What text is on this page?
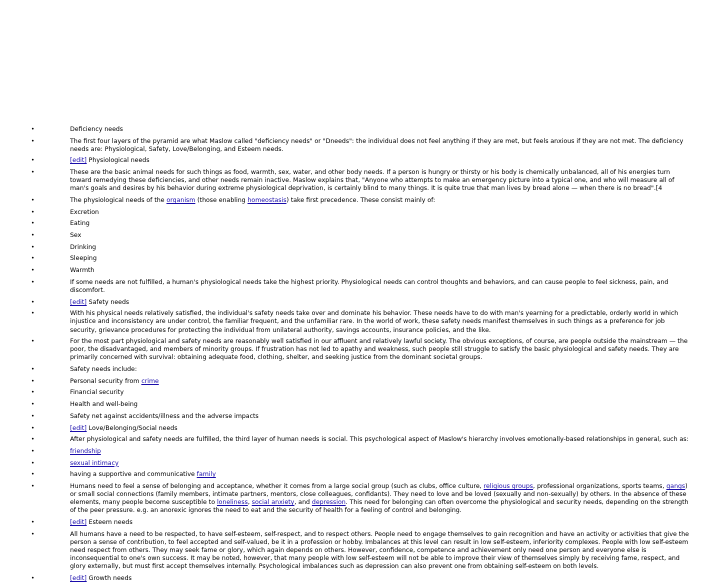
•	Deficiency needs
•	The first four layers of the pyramid are what Maslow called "deficiency needs" or "Dneeds": the individual does not feel anything if they are met, but feels anxious if they are not met. The deficiency needs are: Physiological, Safety, Love/Belonging, and Esteem needs.
•	[edit] Physiological needs
•	These are the basic animal needs for such things as food, warmth, sex, water, and other body needs. If a person is hungry or thirsty or his body is chemically unbalanced, all of his energies turn toward remedying these deficiencies, and other needs remain inactive. Maslow explains that, "Anyone who attempts to make an emergency picture into a typical one, and who will measure all of man's goals and desires by his behavior during extreme physiological deprivation, is certainly blind to many things. It is quite true that man lives by bread alone — when there is no bread".[4
•	The physiological needs of the organism (those enabling homeostasis) take first precedence. These consist mainly of:
•	Excretion
•	Eating
•	Sex
•	Drinking
•	Sleeping
•	Warmth
•	If some needs are not fulfilled, a human's physiological needs take the highest priority. Physiological needs can control thoughts and behaviors, and can cause people to feel sickness, pain, and discomfort.
•	[edit] Safety needs
•	With his physical needs relatively satisfied, the individual's safety needs take over and dominate his behavior. These needs have to do with man's yearning for a predictable, orderly world in which injustice and inconsistency are under control, the familiar frequent, and the unfamiliar rare. In the world of work, these safety needs manifest themselves in such things as a preference for job security, grievance procedures for protecting the individual from unilateral authority, savings accounts, insurance policies, and the like.
•	For the most part physiological and safety needs are reasonably well satisfied in our affluent and relatively lawful society. The obvious exceptions, of course, are people outside the mainstream — the poor, the disadvantaged, and members of minority groups. If frustration has not led to apathy and weakness, such people still struggle to satisfy the basic physiological and safety needs. They are primarily concerned with survival: obtaining adequate food, clothing, shelter, and seeking justice from the dominant societal groups.
•	Safety needs include:
•	Personal security from crime
•	Financial security
•	Health and well-being
•	Safety net against accidents/illness and the adverse impacts
•	[edit] Love/Belonging/Social needs
•	After physiological and safety needs are fulfilled, the third layer of human needs is social. This psychological aspect of Maslow's hierarchy involves emotionally-based relationships in general, such as:
•	friendship
•	sexual intimacy
•	having a supportive and communicative family
•	Humans need to feel a sense of belonging and acceptance, whether it comes from a large social group (such as clubs, office culture, religious groups, professional organizations, sports teams, gangs) or small social connections (family members, intimate partners, mentors, close colleagues, confidants). They need to love and be loved (sexually and non-sexually) by others. In the absence of these elements, many people become susceptible to loneliness, social anxiety, and depression. This need for belonging can often overcome the physiological and security needs, depending on the strength of the peer pressure. e.g. an anorexic ignores the need to eat and the security of health for a feeling of control and belonging.
•	[edit] Esteem needs
•	All humans have a need to be respected, to have self-esteem, self-respect, and to respect others. People need to engage themselves to gain recognition and have an activity or activities that give the person a sense of contribution, to feel accepted and self-valued, be it in a profession or hobby. Imbalances at this level can result in low self-esteem, inferiority complexes. People with low self-esteem need respect from others. They may seek fame or glory, which again depends on others. However, confidence, competence and achievement only need one person and everyone else is inconsequential to one's own success. It may be noted, however, that many people with low self-esteem will not be able to improve their view of themselves simply by receiving fame, respect, and glory externally, but must first accept themselves internally. Psychological imbalances such as depression can also prevent one from obtaining self-esteem on both levels.
•	[edit] Growth needs
